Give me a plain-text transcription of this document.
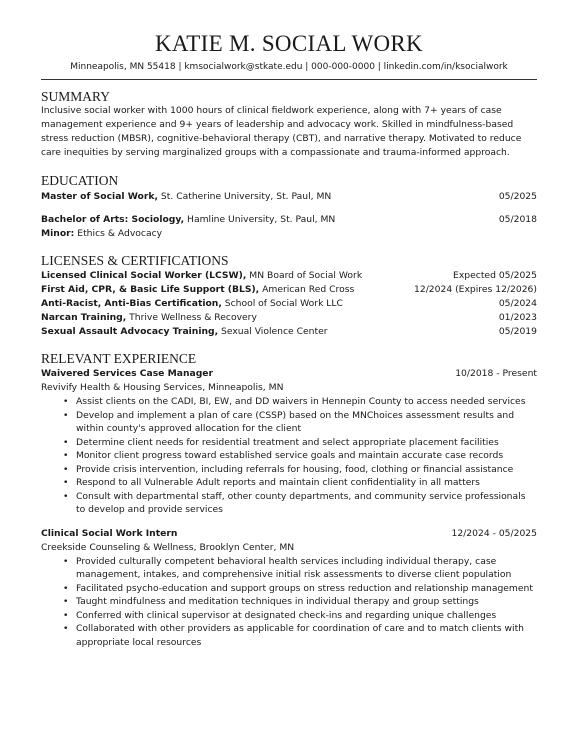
KATIE M. SOCIAL WORK
Minneapolis, MN 55418 | kmsocialwork@stkate.edu | 000-000-0000 | linkedin.com/in/ksocialwork
SUMMARY

Inclusive social worker with 1000 hours of clinical fieldwork experience, along with 7+ years of case management experience and 9+ years of leadership and advocacy work. Skilled in mindfulness-based stress reduction (MBSR), cognitive-behavioral therapy (CBT), and narrative therapy. Motivated to reduce care inequities by serving marginalized groups with a compassionate and trauma-informed approach.

EDUCATION
Master of Social Work, St. Catherine University, St. Paul, MN	05/2025
Bachelor of Arts: Sociology, Hamline University, St. Paul, MN	05/2018
Minor: Ethics & Advocacy
LICENSES & CERTIFICATIONS
Licensed Clinical Social Worker (LCSW), MN Board of Social Work	Expected 05/2025
First Aid, CPR, & Basic Life Support (BLS), American Red Cross	12/2024 (Expires 12/2026)
Anti-Racist, Anti-Bias Certification, School of Social Work LLC	05/2024
Narcan Training, Thrive Wellness & Recovery	01/2023
Sexual Assault Advocacy Training, Sexual Violence Center	05/2019
RELEVANT EXPERIENCE
Waivered Services Case Manager	10/2018 - Present
Revivify Health & Housing Services, Minneapolis, MN
• Assist clients on the CADI, BI, EW, and DD waivers in Hennepin County to access needed services
• Develop and implement a plan of care (CSSP) based on the MNChoices assessment results and within county's approved allocation for the client
• Determine client needs for residential treatment and select appropriate placement facilities
• Monitor client progress toward established service goals and maintain accurate case records
• Provide crisis intervention, including referrals for housing, food, clothing or financial assistance
• Respond to all Vulnerable Adult reports and maintain client confidentiality in all matters
• Consult with departmental staff, other county departments, and community service professionals to develop and provide services
Clinical Social Work Intern	12/2024 - 05/2025
Creekside Counseling & Wellness, Brooklyn Center, MN
• Provided culturally competent behavioral health services including individual therapy, case management, intakes, and comprehensive initial risk assessments to diverse client population
• Facilitated psycho-education and support groups on stress reduction and relationship management
• Taught mindfulness and meditation techniques in individual therapy and group settings
• Conferred with clinical supervisor at designated check-ins and regarding unique challenges
• Collaborated with other providers as applicable for coordination of care and to match clients with appropriate local resources
